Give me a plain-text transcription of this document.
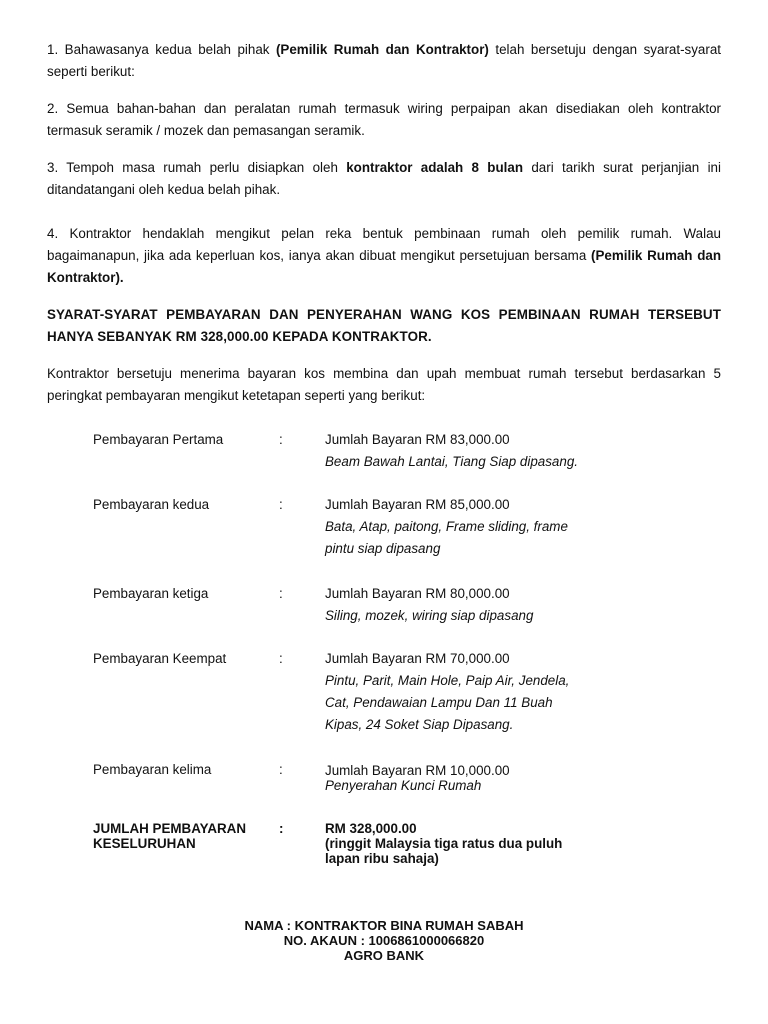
1. Bahawasanya kedua belah pihak (Pemilik Rumah dan Kontraktor) telah bersetuju dengan syarat-syarat seperti berikut:
2. Semua bahan-bahan dan peralatan rumah termasuk wiring perpaipan akan disediakan oleh kontraktor termasuk seramik / mozek dan pemasangan seramik.
3. Tempoh masa rumah perlu disiapkan oleh kontraktor adalah 8 bulan dari tarikh surat perjanjian ini ditandatangani oleh kedua belah pihak.
4. Kontraktor hendaklah mengikut pelan reka bentuk pembinaan rumah oleh pemilik rumah. Walau bagaimanapun, jika ada keperluan kos, ianya akan dibuat mengikut persetujuan bersama (Pemilik Rumah dan Kontraktor).
SYARAT-SYARAT PEMBAYARAN DAN PENYERAHAN WANG KOS PEMBINAAN RUMAH TERSEBUT HANYA SEBANYAK RM 328,000.00 KEPADA KONTRAKTOR.
Kontraktor bersetuju menerima bayaran kos membina dan upah membuat rumah tersebut berdasarkan 5 peringkat pembayaran mengikut ketetapan seperti yang berikut:
Pembayaran Pertama	:	Jumlah Bayaran RM 83,000.00
Beam Bawah Lantai, Tiang Siap dipasang.
Pembayaran kedua	:	Jumlah Bayaran RM 85,000.00
Bata, Atap, paitong, Frame sliding, frame
pintu siap dipasang
Pembayaran ketiga	:	Jumlah Bayaran RM 80,000.00
Siling, mozek, wiring siap dipasang
Pembayaran Keempat	:	Jumlah Bayaran RM 70,000.00
Pintu, Parit, Main Hole, Paip Air, Jendela,
Cat, Pendawaian Lampu Dan 11 Buah
Kipas, 24 Soket Siap Dipasang.
Pembayaran kelima	:	Jumlah Bayaran RM 10,000.00
Penyerahan Kunci Rumah
JUMLAH PEMBAYARAN
KESELURUHAN
:	RM 328,000.00
(ringgit Malaysia tiga ratus dua puluh
lapan ribu sahaja)
NAMA : KONTRAKTOR BINA RUMAH SABAH
NO. AKAUN : 1006861000066820
AGRO BANK
